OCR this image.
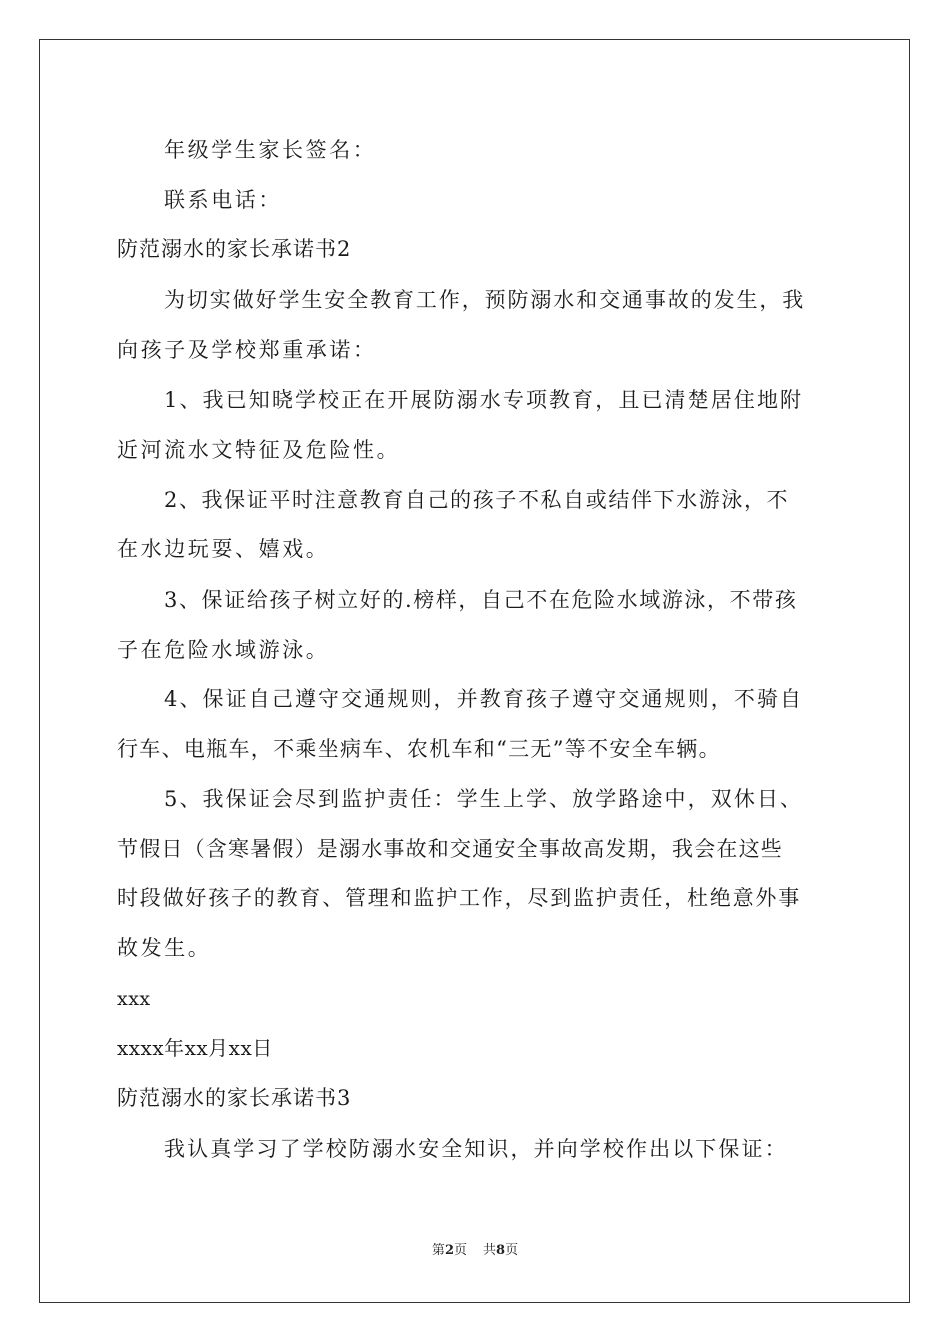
年级学生家长签名：
联系电话：
防范溺水的家长承诺书2
为切实做好学生安全教育工作，预防溺水和交通事故的发生，我
向孩子及学校郑重承诺：
1、我已知晓学校正在开展防溺水专项教育，且已清楚居住地附
近河流水文特征及危险性。
2、我保证平时注意教育自己的孩子不私自或结伴下水游泳，不
在水边玩耍、嬉戏。
3、保证给孩子树立好的.榜样，自己不在危险水域游泳，不带孩
子在危险水域游泳。
4、保证自己遵守交通规则，并教育孩子遵守交通规则，不骑自
行车、电瓶车，不乘坐病车、农机车和“三无”等不安全车辆。
5、我保证会尽到监护责任：学生上学、放学路途中，双休日、
节假日（含寒暑假）是溺水事故和交通安全事故高发期，我会在这些
时段做好孩子的教育、管理和监护工作，尽到监护责任，杜绝意外事
故发生。
xxx
xxxx年xx月xx日
防范溺水的家长承诺书3
我认真学习了学校防溺水安全知识，并向学校作出以下保证：
第2页 共8页
